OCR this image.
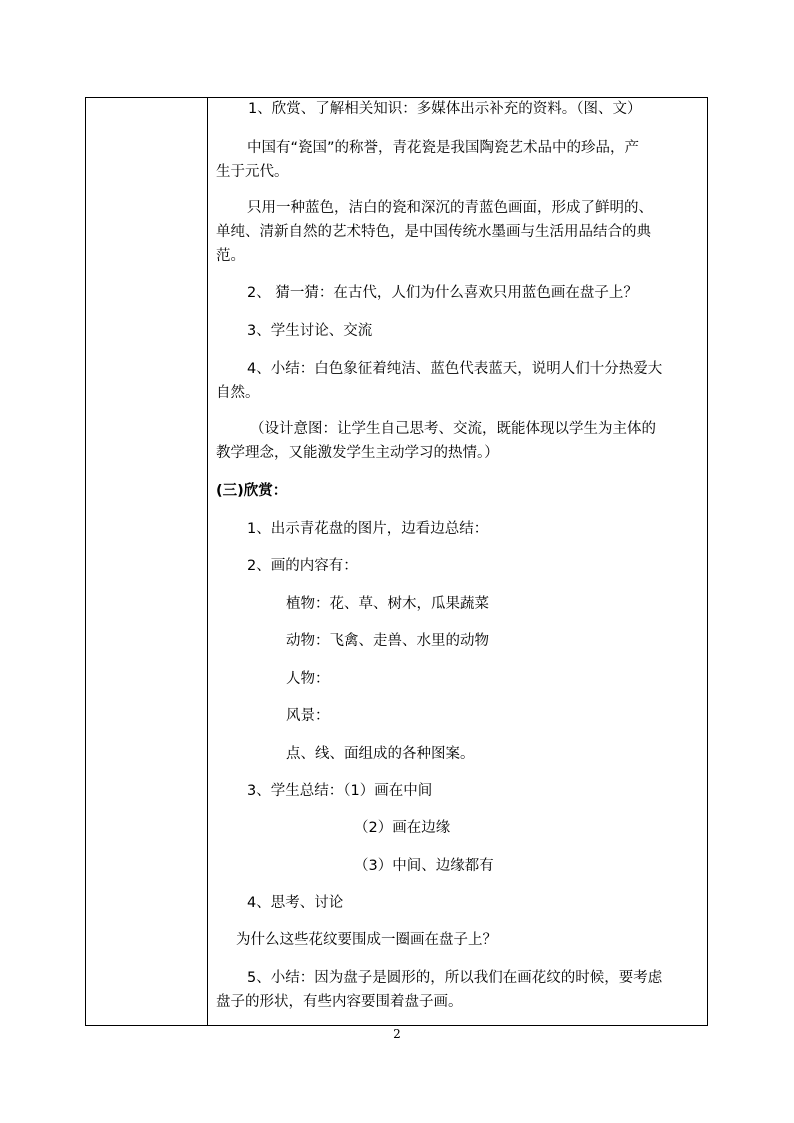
1、欣赏、了解相关知识：多媒体出示补充的资料。（图、文）
中国有“瓷国”的称誉，青花瓷是我国陶瓷艺术品中的珍品，产
生于元代。
只用一种蓝色，洁白的瓷和深沉的青蓝色画面，形成了鲜明的、
单纯、清新自然的艺术特色，是中国传统水墨画与生活用品结合的典
范。
2、 猜一猜：在古代，人们为什么喜欢只用蓝色画在盘子上？
3、学生讨论、交流
4、小结：白色象征着纯洁、蓝色代表蓝天，说明人们十分热爱大
自然。
（设计意图：让学生自己思考、交流，既能体现以学生为主体的
教学理念，又能激发学生主动学习的热情。）
(三)欣赏：
1、出示青花盘的图片，边看边总结：
2、画的内容有：
植物：花、草、树木，瓜果蔬菜
动物：飞禽、走兽、水里的动物
人物：
风景：
点、线、面组成的各种图案。
3、学生总结：（1）画在中间
（2）画在边缘
（3）中间、边缘都有
4、思考、讨论
为什么这些花纹要围成一圈画在盘子上？
5、小结：因为盘子是圆形的，所以我们在画花纹的时候，要考虑
盘子的形状，有些内容要围着盘子画。
2
